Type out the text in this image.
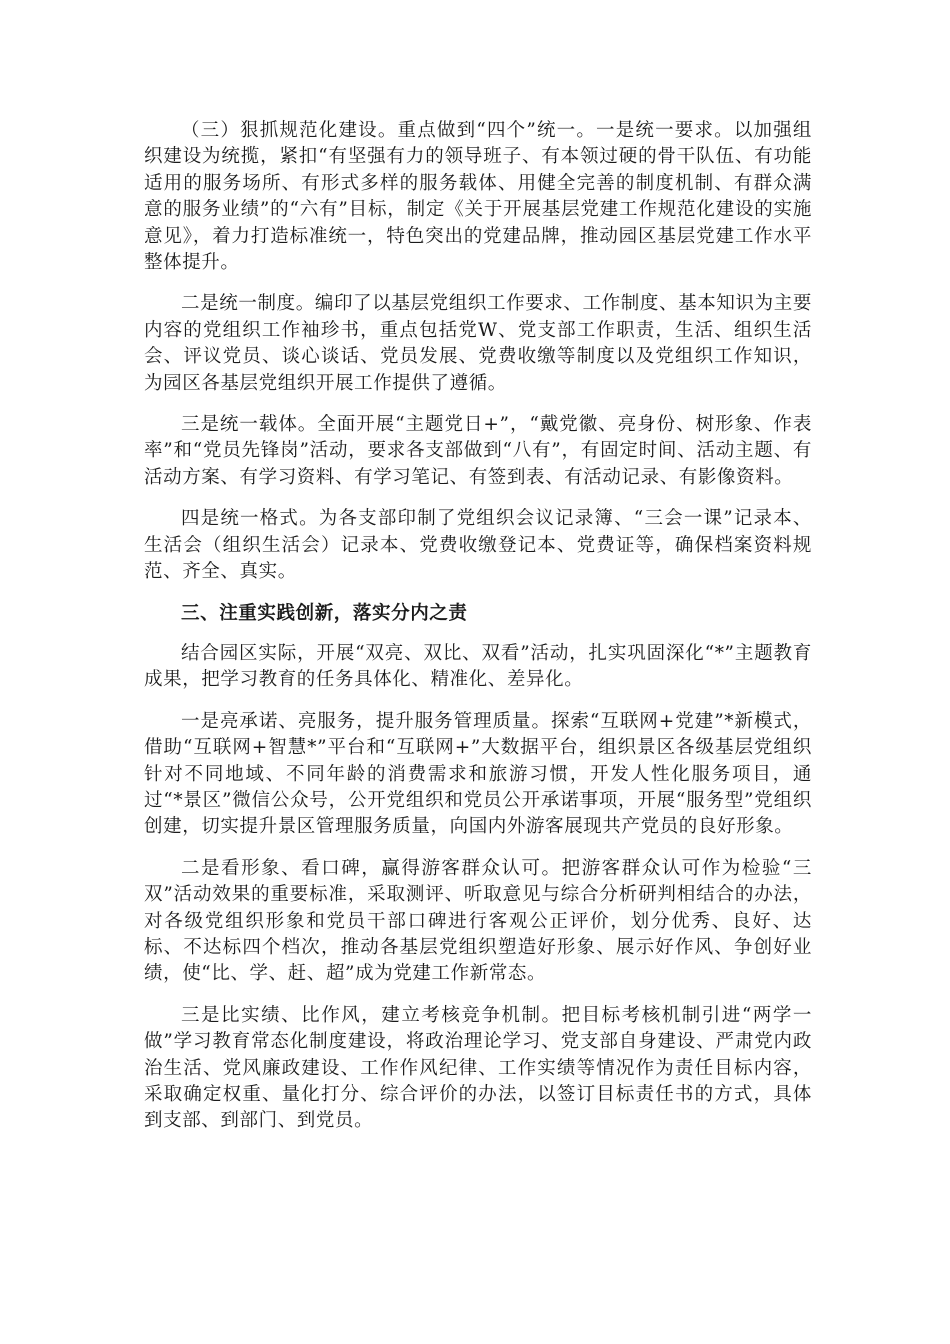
（三）狠抓规范化建设。重点做到“四个”统一。一是统一要求。以加强组织建设为统揽，紧扣“有坚强有力的领导班子、有本领过硬的骨干队伍、有功能适用的服务场所、有形式多样的服务载体、用健全完善的制度机制、有群众满意的服务业绩”的“六有”目标，制定《关于开展基层党建工作规范化建设的实施意见》，着力打造标准统一，特色突出的党建品牌，推动园区基层党建工作水平整体提升。

二是统一制度。编印了以基层党组织工作要求、工作制度、基本知识为主要内容的党组织工作袖珍书，重点包括党W、党支部工作职责，生活、组织生活会、评议党员、谈心谈话、党员发展、党费收缴等制度以及党组织工作知识，为园区各基层党组织开展工作提供了遵循。

三是统一载体。全面开展“主题党日+”，“戴党徽、亮身份、树形象、作表率”和“党员先锋岗”活动，要求各支部做到“八有”，有固定时间、活动主题、有活动方案、有学习资料、有学习笔记、有签到表、有活动记录、有影像资料。

四是统一格式。为各支部印制了党组织会议记录簿、“三会一课”记录本、生活会（组织生活会）记录本、党费收缴登记本、党费证等，确保档案资料规范、齐全、真实。

三、注重实践创新，落实分内之责

结合园区实际，开展“双亮、双比、双看”活动，扎实巩固深化“*”主题教育成果，把学习教育的任务具体化、精准化、差异化。

一是亮承诺、亮服务，提升服务管理质量。探索“互联网+党建”*新模式，借助“互联网+智慧*”平台和“互联网+”大数据平台，组织景区各级基层党组织针对不同地域、不同年龄的消费需求和旅游习惯，开发人性化服务项目，通过“*景区”微信公众号，公开党组织和党员公开承诺事项，开展“服务型”党组织创建，切实提升景区管理服务质量，向国内外游客展现共产党员的良好形象。

二是看形象、看口碑，赢得游客群众认可。把游客群众认可作为检验“三双”活动效果的重要标准，采取测评、听取意见与综合分析研判相结合的办法，对各级党组织形象和党员干部口碑进行客观公正评价，划分优秀、良好、达标、不达标四个档次，推动各基层党组织塑造好形象、展示好作风、争创好业绩，使“比、学、赶、超”成为党建工作新常态。

三是比实绩、比作风，建立考核竞争机制。把目标考核机制引进“两学一做”学习教育常态化制度建设，将政治理论学习、党支部自身建设、严肃党内政治生活、党风廉政建设、工作作风纪律、工作实绩等情况作为责任目标内容，采取确定权重、量化打分、综合评价的办法，以签订目标责任书的方式，具体到支部、到部门、到党员。
